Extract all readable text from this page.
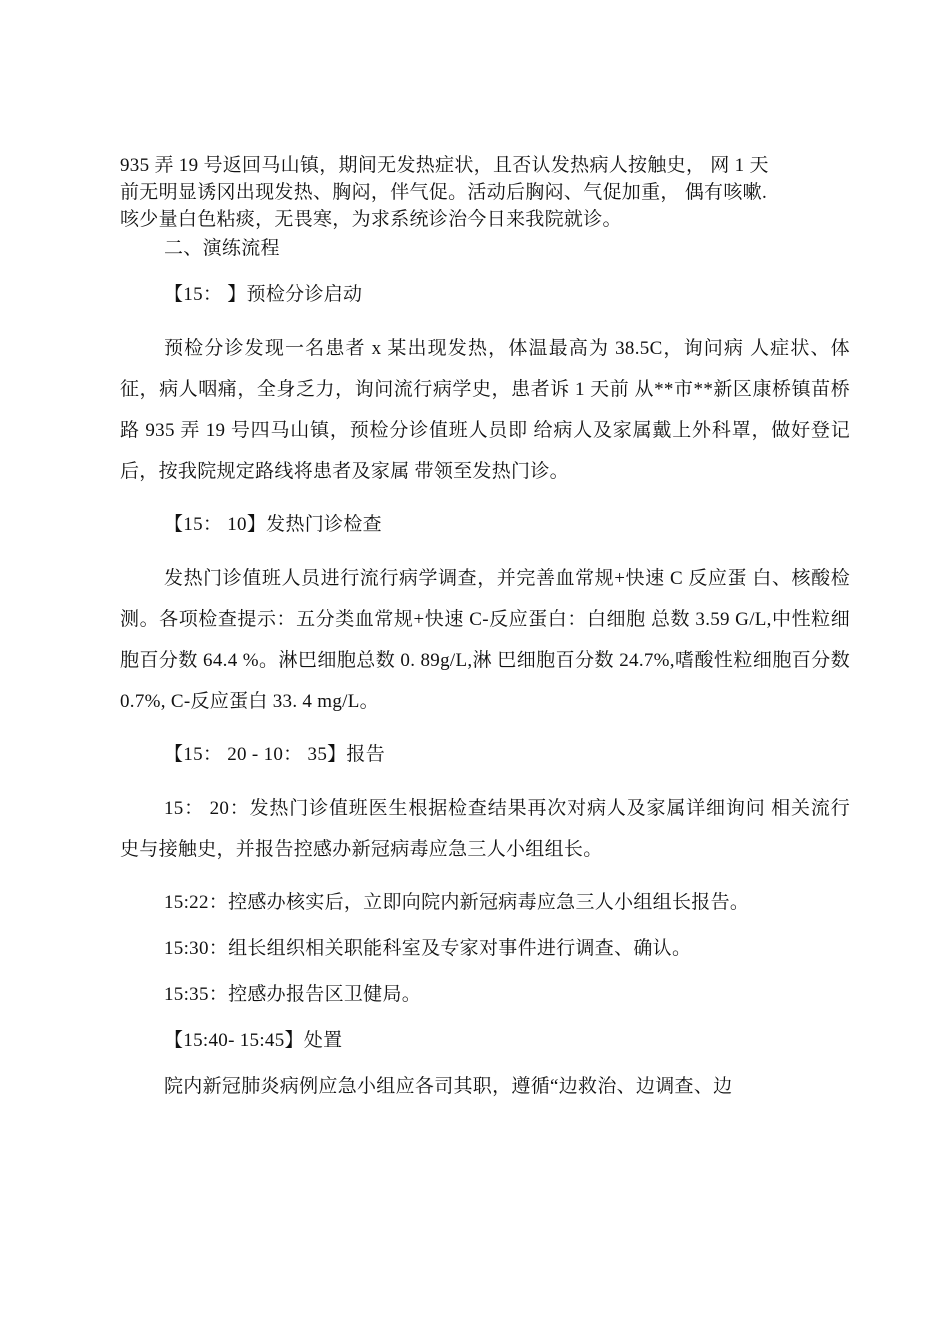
935 弄 19 号返回马山镇，期间无发热症状，且否认发热病人按触史， 网 1 天

前无明显诱冈出现发热、胸闷，伴气促。活动后胸闷、气促加重， 偶有咳嗽.

咳少量白色粘痰，无畏寒，为求系统诊治今日来我院就诊。

二、演练流程

【15： 】预检分诊启动

预检分诊发现一名患者 x 某出现发热，体温最高为 38.5C，询问病 人症状、体征，病人咽痛，全身乏力，询问流行病学史，患者诉 1 天前 从**市**新区康桥镇苗桥路 935 弄 19 号四马山镇，预检分诊值班人员即 给病人及家属戴上外科罩，做好登记后，按我院规定路线将患者及家属 带领至发热门诊。

【15： 10】发热门诊检查

发热门诊值班人员进行流行病学调查，并完善血常规+快速 C 反应蛋 白、核酸检测。各项检查提示：五分类血常规+快速 C-反应蛋白：白细胞 总数 3.59 G/L,中性粒细胞百分数 64.4 %。淋巴细胞总数 0. 89g/L,淋 巴细胞百分数 24.7%,嗜酸性粒细胞百分数 0.7%, C-反应蛋白 33. 4 mg/L。

【15： 20 - 10： 35】报告

15： 20：发热门诊值班医生根据检查结果再次对病人及家属详细询问 相关流行史与接触史，并报告控感办新冠病毒应急三人小组组长。

15:22：控感办核实后，立即向院内新冠病毒应急三人小组组长报告。

15:30：组长组织相关职能科室及专家对事件进行调查、确认。

15:35：控感办报告区卫健局。

【15:40- 15:45】处置

院内新冠肺炎病例应急小组应各司其职，遵循“边救治、边调查、边
